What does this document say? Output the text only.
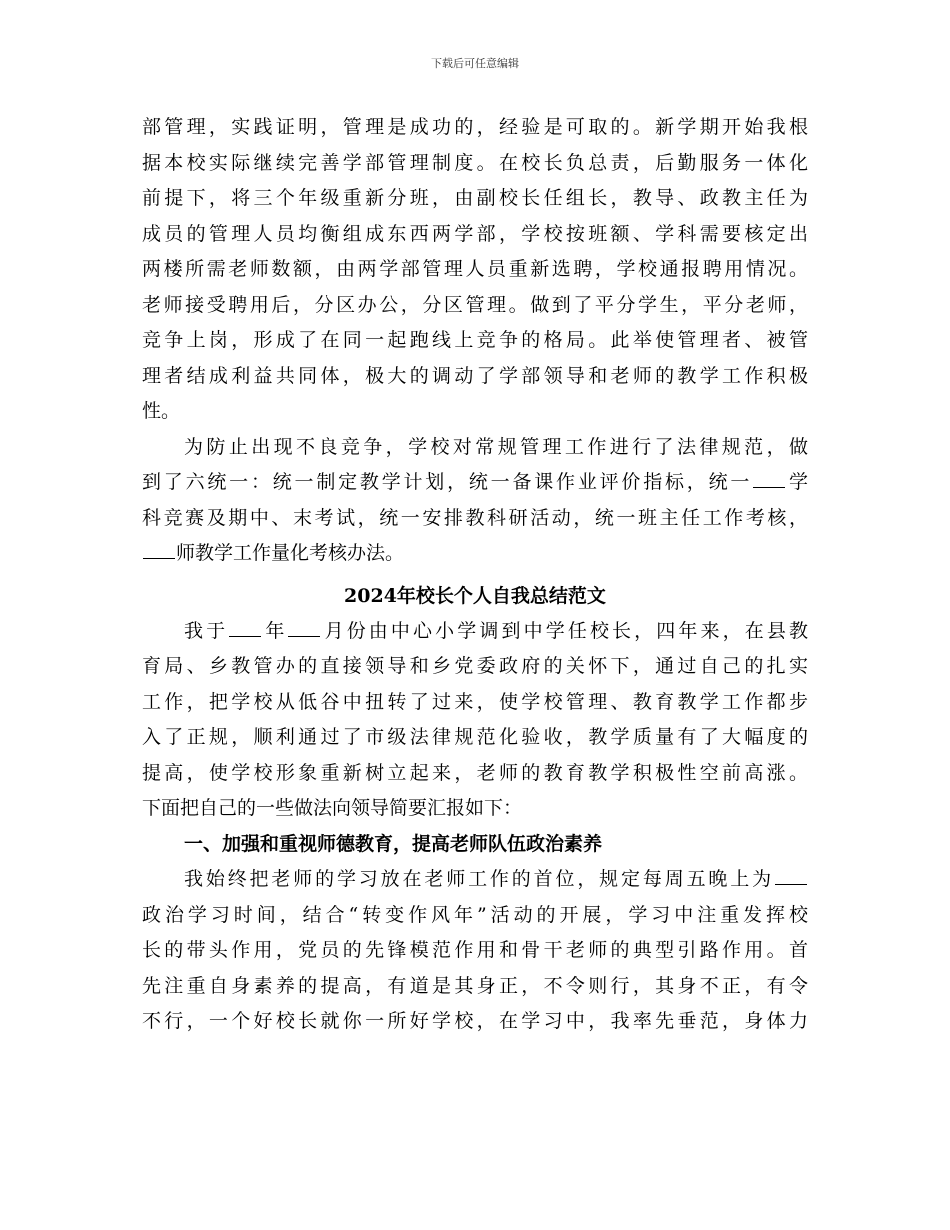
下载后可任意编辑
部管理，实践证明，管理是成功的，经验是可取的。新学期开始我根
据本校实际继续完善学部管理制度。在校长负总责，后勤服务一体化
前提下，将三个年级重新分班，由副校长任组长，教导、政教主任为
成员的管理人员均衡组成东西两学部，学校按班额、学科需要核定出
两楼所需老师数额，由两学部管理人员重新选聘，学校通报聘用情况。
老师接受聘用后，分区办公，分区管理。做到了平分学生，平分老师，
竞争上岗，形成了在同一起跑线上竞争的格局。此举使管理者、被管
理者结成利益共同体，极大的调动了学部领导和老师的教学工作积极
性。
为防止出现不良竞争，学校对常规管理工作进行了法律规范，做
到了六统一：统一制定教学计划，统一备课作业评价指标，统一 学
科竞赛及期中、末考试，统一安排教科研活动，统一班主任工作考核，
师教学工作量化考核办法。
2024年校长个人自我总结范文
我于 年 月份由中心小学调到中学任校长，四年来，在县教
育局、乡教管办的直接领导和乡党委政府的关怀下，通过自己的扎实
工作，把学校从低谷中扭转了过来，使学校管理、教育教学工作都步
入了正规，顺利通过了市级法律规范化验收，教学质量有了大幅度的
提高，使学校形象重新树立起来，老师的教育教学积极性空前高涨。
下面把自己的一些做法向领导简要汇报如下：
一、加强和重视师德教育，提高老师队伍政治素养
我始终把老师的学习放在老师工作的首位，规定每周五晚上为
政治学习时间，结合“转变作风年”活动的开展，学习中注重发挥校
长的带头作用，党员的先锋模范作用和骨干老师的典型引路作用。首
先注重自身素养的提高，有道是其身正，不令则行，其身不正，有令
不行，一个好校长就你一所好学校，在学习中，我率先垂范，身体力
